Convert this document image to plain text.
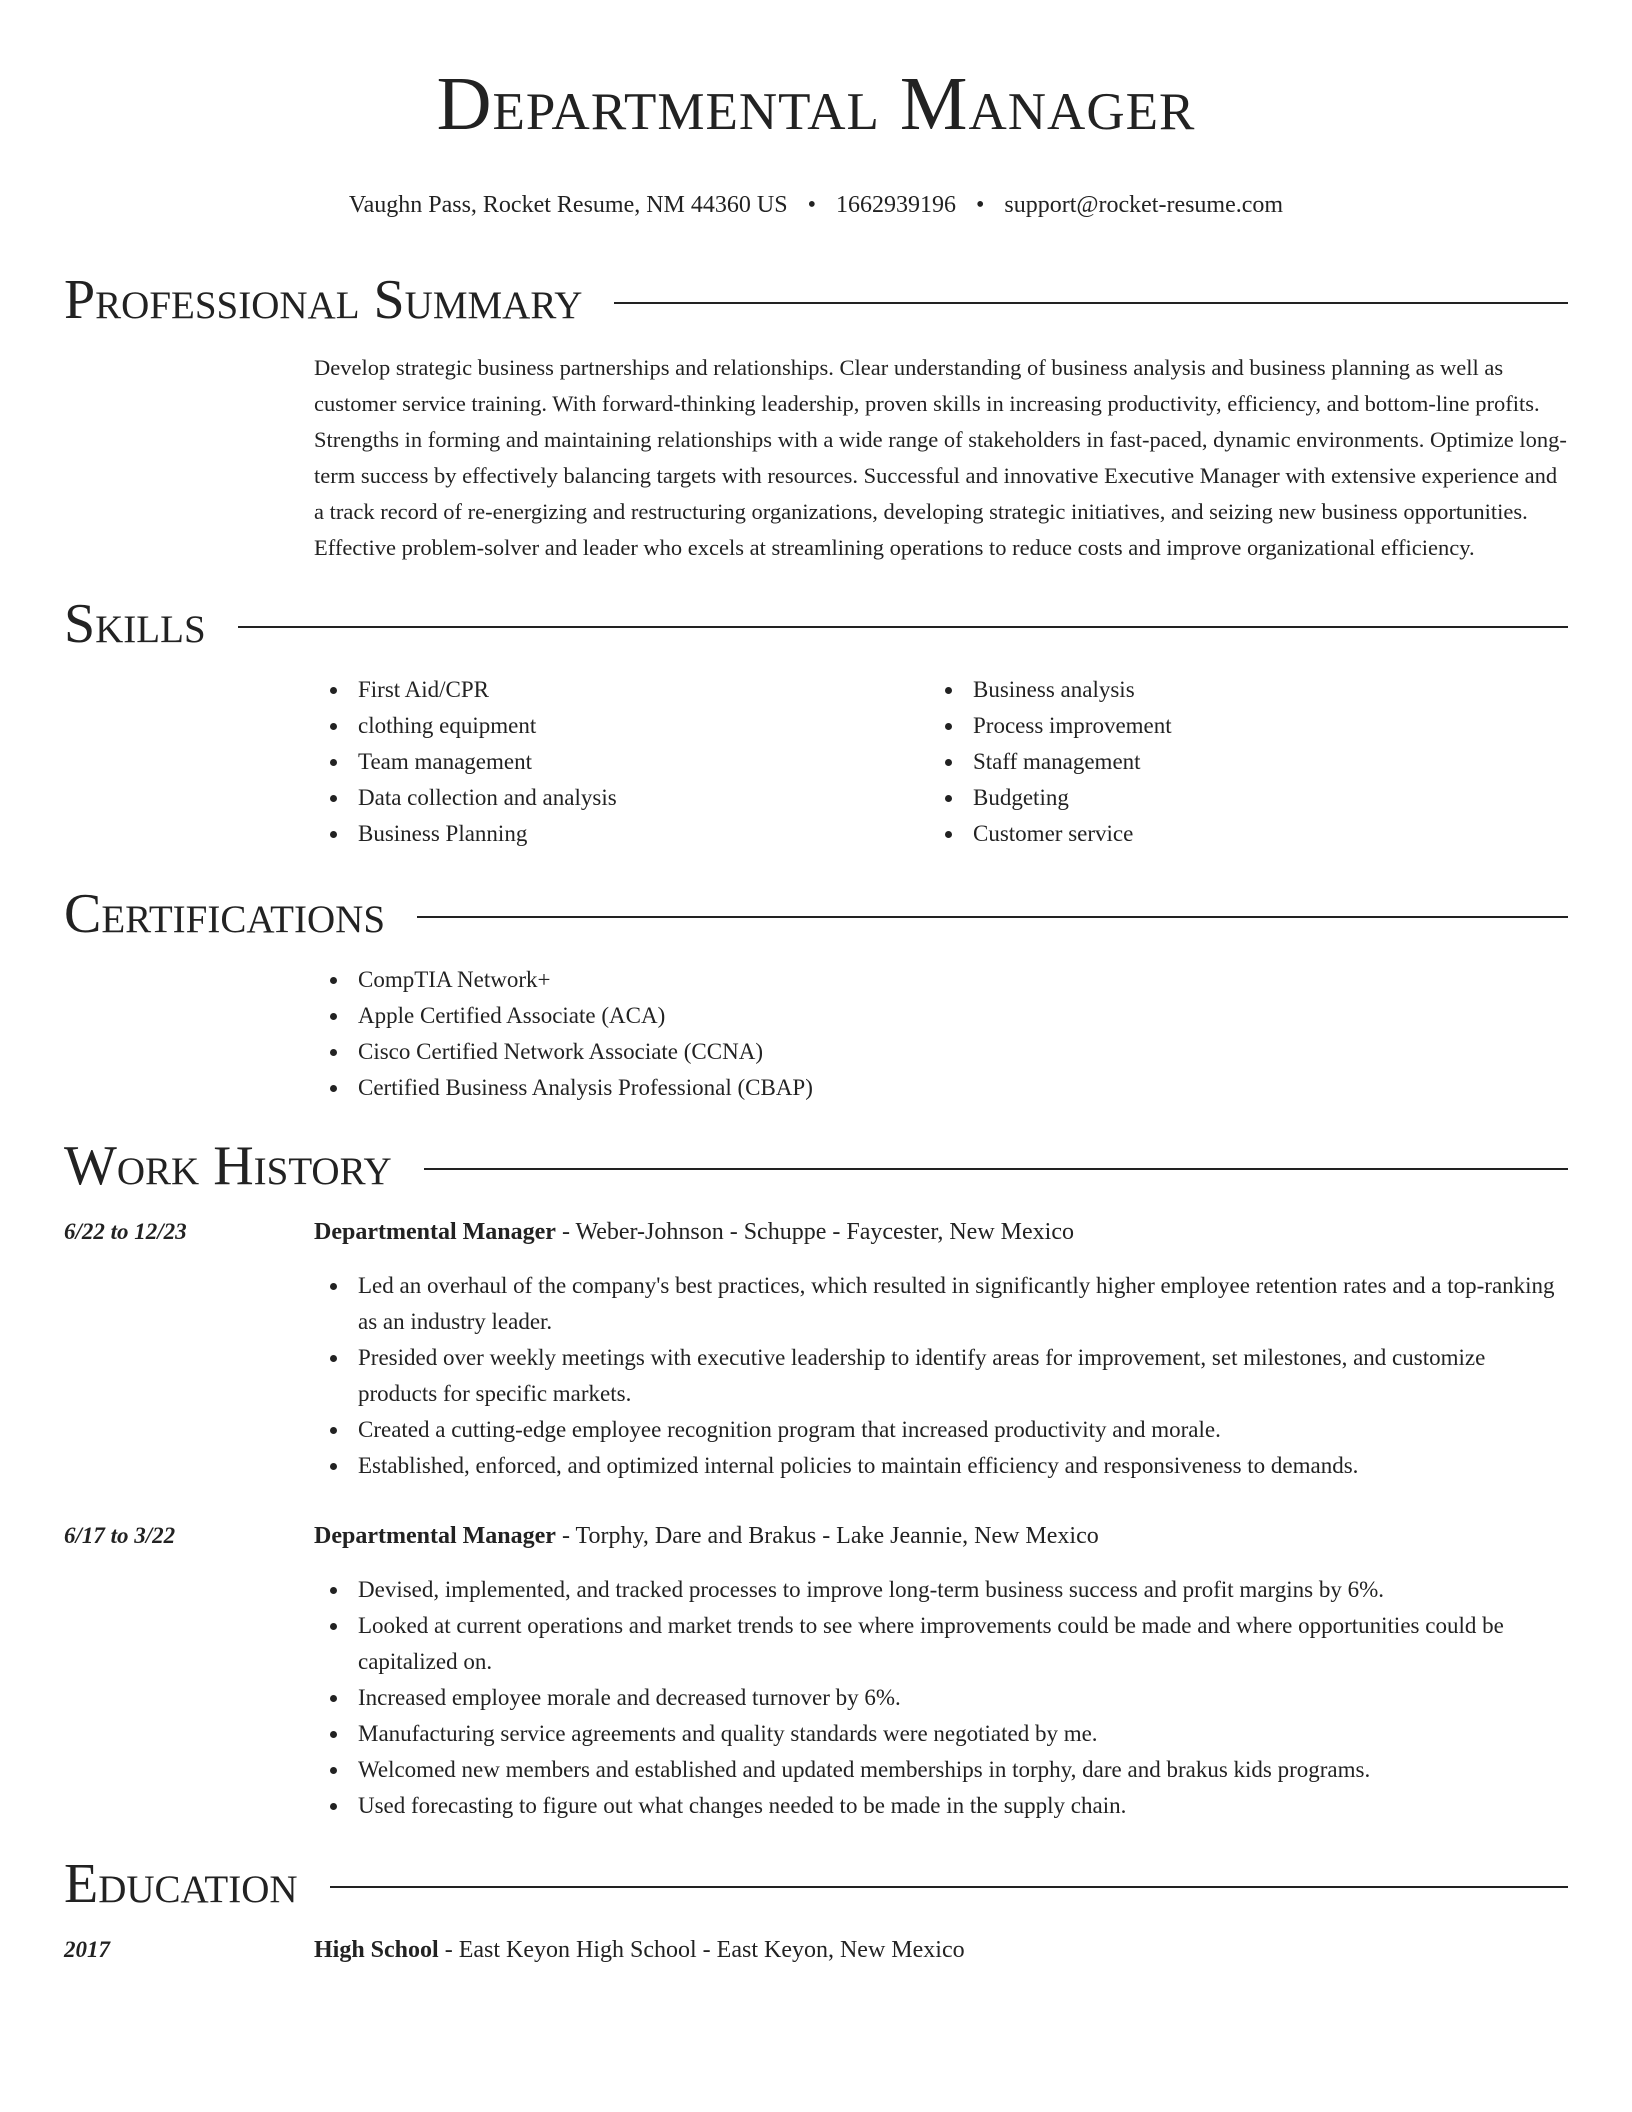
Departmental Manager
Vaughn Pass, Rocket Resume, NM 44360 US • 1662939196 • support@rocket-resume.com
Professional Summary

Develop strategic business partnerships and relationships. Clear understanding of business analysis and business planning as well as customer service training. With forward-thinking leadership, proven skills in increasing productivity, efficiency, and bottom-line profits. Strengths in forming and maintaining relationships with a wide range of stakeholders in fast-paced, dynamic environments. Optimize long-term success by effectively balancing targets with resources. Successful and innovative Executive Manager with extensive experience and a track record of re-energizing and restructuring organizations, developing strategic initiatives, and seizing new business opportunities. Effective problem-solver and leader who excels at streamlining operations to reduce costs and improve organizational efficiency.

Skills
First Aid/CPR
clothing equipment
Team management
Data collection and analysis
Business Planning
Business analysis
Process improvement
Staff management
Budgeting
Customer service
Certifications
CompTIA Network+
Apple Certified Associate (ACA)
Cisco Certified Network Associate (CCNA)
Certified Business Analysis Professional (CBAP)
Work History
6/22 to 12/23	Departmental Manager - Weber-Johnson - Schuppe - Faycester, New Mexico
Led an overhaul of the company's best practices, which resulted in significantly higher employee retention rates and a top-ranking as an industry leader.
Presided over weekly meetings with executive leadership to identify areas for improvement, set milestones, and customize products for specific markets.
Created a cutting-edge employee recognition program that increased productivity and morale.
Established, enforced, and optimized internal policies to maintain efficiency and responsiveness to demands.
6/17 to 3/22	Departmental Manager - Torphy, Dare and Brakus - Lake Jeannie, New Mexico
Devised, implemented, and tracked processes to improve long-term business success and profit margins by 6%.
Looked at current operations and market trends to see where improvements could be made and where opportunities could be capitalized on.
Increased employee morale and decreased turnover by 6%.
Manufacturing service agreements and quality standards were negotiated by me.
Welcomed new members and established and updated memberships in torphy, dare and brakus kids programs.
Used forecasting to figure out what changes needed to be made in the supply chain.
Education
2017	High School - East Keyon High School - East Keyon, New Mexico
